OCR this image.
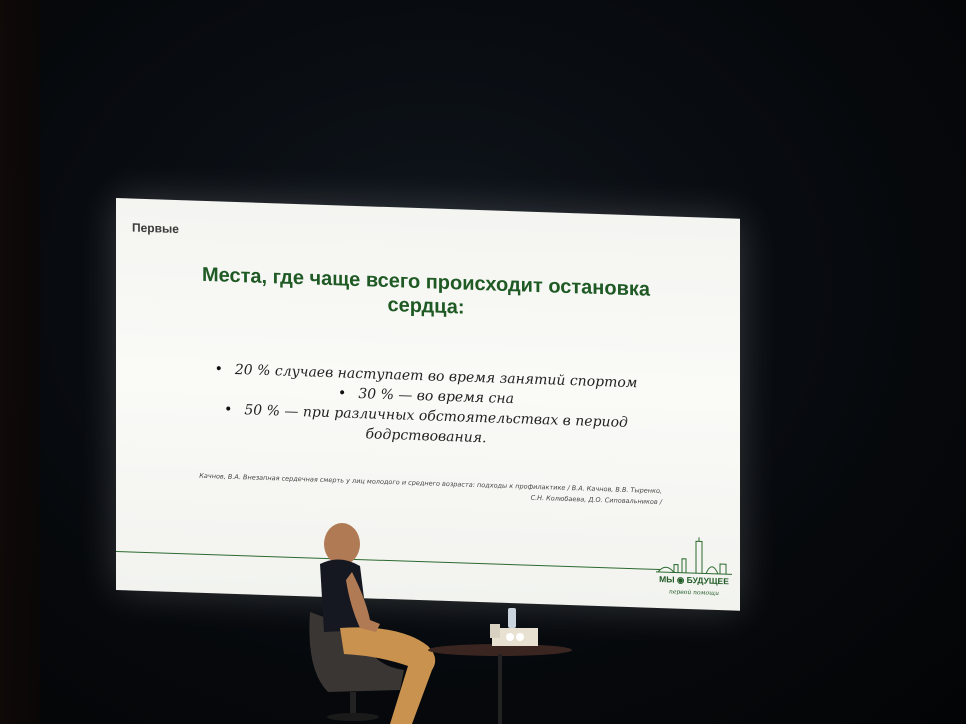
Первые
Места, где чаще всего происходит остановка сердца:
• 20 % случаев наступает во время занятий спортом
• 30 % — во время сна
• 50 % — при различных обстоятельствах в период бодрствования.
Качнов, В.А. Внезапная сердечная смерть у лиц молодого и среднего возраста: подходы к профилактике / В.А. Качнов, В.В. Тыренко, С.Н. Колюбаева, Д.О. Сиповальников /
МЫ ◉ БУДУЩЕЕ
первой помощи
